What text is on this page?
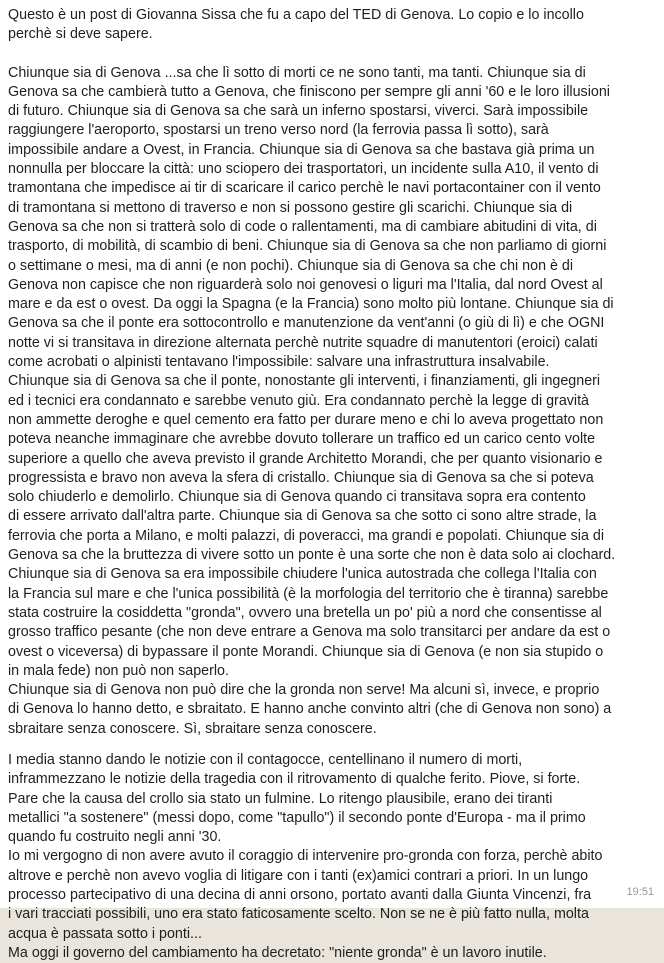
Questo è un post di Giovanna Sissa che fu a capo del TED di Genova. Lo copio e lo incollo
perchè si deve sapere.

Chiunque sia di Genova ...sa che lì sotto di morti ce ne sono tanti, ma tanti. Chiunque sia di
Genova sa che cambierà tutto a Genova, che finiscono per sempre gli anni '60 e le loro illusioni
di futuro. Chiunque sia di Genova sa che sarà un inferno spostarsi, viverci. Sarà impossibile
raggiungere l'aeroporto, spostarsi un treno verso nord (la ferrovia passa lì sotto), sarà
impossibile andare a Ovest, in Francia. Chiunque sia di Genova sa che bastava già prima un
nonnulla per bloccare la città: uno sciopero dei trasportatori, un incidente sulla A10, il vento di
tramontana che impedisce ai tir di scaricare il carico perchè le navi portacontainer con il vento
di tramontana si mettono di traverso e non si possono gestire gli scarichi. Chiunque sia di
Genova sa che non si tratterà solo di code o rallentamenti, ma di cambiare abitudini di vita, di
trasporto, di mobilità, di scambio di beni. Chiunque sia di Genova sa che non parliamo di giorni
o settimane o mesi, ma di anni (e non pochi). Chiunque sia di Genova sa che chi non è di
Genova non capisce che non riguarderà solo noi genovesi o liguri ma l'Italia, dal nord Ovest al
mare e da est o ovest. Da oggi la Spagna (e la Francia) sono molto più lontane. Chiunque sia di
Genova sa che il ponte era sottocontrollo e manutenzione da vent'anni (o giù di lì) e che OGNI
notte vi si transitava in direzione alternata perchè nutrite squadre di manutentori (eroici) calati
come acrobati o alpinisti tentavano l'impossibile: salvare una infrastruttura insalvabile.
Chiunque sia di Genova sa che il ponte, nonostante gli interventi, i finanziamenti, gli ingegneri
ed i tecnici era condannato e sarebbe venuto giù. Era condannato perchè la legge di gravità
non ammette deroghe e quel cemento era fatto per durare meno e chi lo aveva progettato non
poteva neanche immaginare che avrebbe dovuto tollerare un traffico ed un carico cento volte
superiore a quello che aveva previsto il grande Architetto Morandi, che per quanto visionario e
progressista e bravo non aveva la sfera di cristallo. Chiunque sia di Genova sa che si poteva
solo chiuderlo e demolirlo. Chiunque sia di Genova quando ci transitava sopra era contento
di essere arrivato dall'altra parte. Chiunque sia di Genova sa che sotto ci sono altre strade, la
ferrovia che porta a Milano, e molti palazzi, di poveracci, ma grandi e popolati. Chiunque sia di
Genova sa che la bruttezza di vivere sotto un ponte è una sorte che non è data solo ai clochard.
Chiunque sia di Genova sa era impossibile chiudere l'unica autostrada che collega l'Italia con
la Francia sul mare e che l'unica possibilità (è la morfologia del territorio che è tiranna) sarebbe
stata costruire la cosiddetta "gronda", ovvero una bretella un po' più a nord che consentisse al
grosso traffico pesante (che non deve entrare a Genova ma solo transitarci per andare da est o
ovest o viceversa) di bypassare il ponte Morandi. Chiunque sia di Genova (e non sia stupido o
in mala fede) non può non saperlo.
Chiunque sia di Genova non può dire che la gronda non serve! Ma alcuni sì, invece, e proprio
di Genova lo hanno detto, e sbraitato. E hanno anche convinto altri (che di Genova non sono) a
sbraitare senza conoscere. Sì, sbraitare senza conoscere.

I media stanno dando le notizie con il contagocce, centellinano il numero di morti,
inframmezzano le notizie della tragedia con il ritrovamento di qualche ferito. Piove, si forte.
Pare che la causa del crollo sia stato un fulmine. Lo ritengo plausibile, erano dei tiranti
metallici "a sostenere" (messi dopo, come "tapullo") il secondo ponte d'Europa - ma il primo
quando fu costruito negli anni '30.
Io mi vergogno di non avere avuto il coraggio di intervenire pro-gronda con forza, perchè abito
altrove e perchè non avevo voglia di litigare con i tanti (ex)amici contrari a priori. In un lungo
processo partecipativo di una decina di anni orsono, portato avanti dalla Giunta Vincenzi, fra
i vari tracciati possibili, uno era stato faticosamente scelto. Non se ne è più fatto nulla, molta
acqua è passata sotto i ponti...
Ma oggi il governo del cambiamento ha decretato: "niente gronda" è un lavoro inutile.

19:51
